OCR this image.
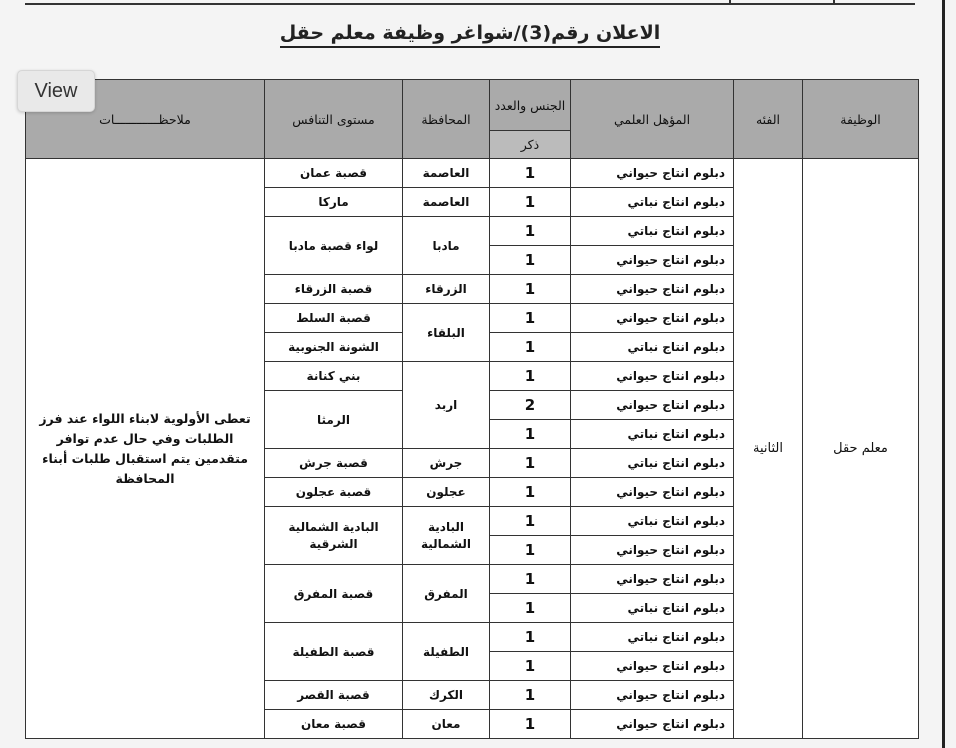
الاعلان رقم(3)/شواغر وظيفة معلم حقل
الوظيفة	الفئه	المؤهل العلمي	الجنس والعدد	المحافظة	مستوى التنافس	ملاحظــــــــــــات
			ذكر			
معلم حقل	الثانية	دبلوم انتاج حيواني	1	العاصمة	قصبة عمان	تعطى الأولوية لابناء اللواء عند فرز الطلبات وفي حال عدم توافر متقدمين يتم استقبال طلبات أبناء المحافظة
		دبلوم انتاج نباتي	1	العاصمة	ماركا	
		دبلوم انتاج نباتي	1	مادبا	لواء قصبة مادبا	
		دبلوم انتاج حيواني	1			
		دبلوم انتاج حيواني	1	الزرقاء	قصبة الزرقاء	
		دبلوم انتاج حيواني	1	البلقاء	قصبة السلط	
		دبلوم انتاج نباتي	1		الشونة الجنوبية	
		دبلوم انتاج حيواني	1	اربد	بني كنانة	
		دبلوم انتاج حيواني	2		الرمثا	
		دبلوم انتاج نباتي	1			
		دبلوم انتاج نباتي	1	جرش	قصبة جرش	
		دبلوم انتاج حيواني	1	عجلون	قصبة عجلون	
		دبلوم انتاج نباتي	1	البادية الشمالية	البادية الشمالية الشرقية	
		دبلوم انتاج حيواني	1			
		دبلوم انتاج حيواني	1	المفرق	قصبة المفرق	
		دبلوم انتاج نباتي	1			
		دبلوم انتاج نباتي	1	الطفيلة	قصبة الطفيلة	
		دبلوم انتاج حيواني	1			
		دبلوم انتاج حيواني	1	الكرك	قصبة القصر	
		دبلوم انتاج حيواني	1	معان	قصبة معان	
View
